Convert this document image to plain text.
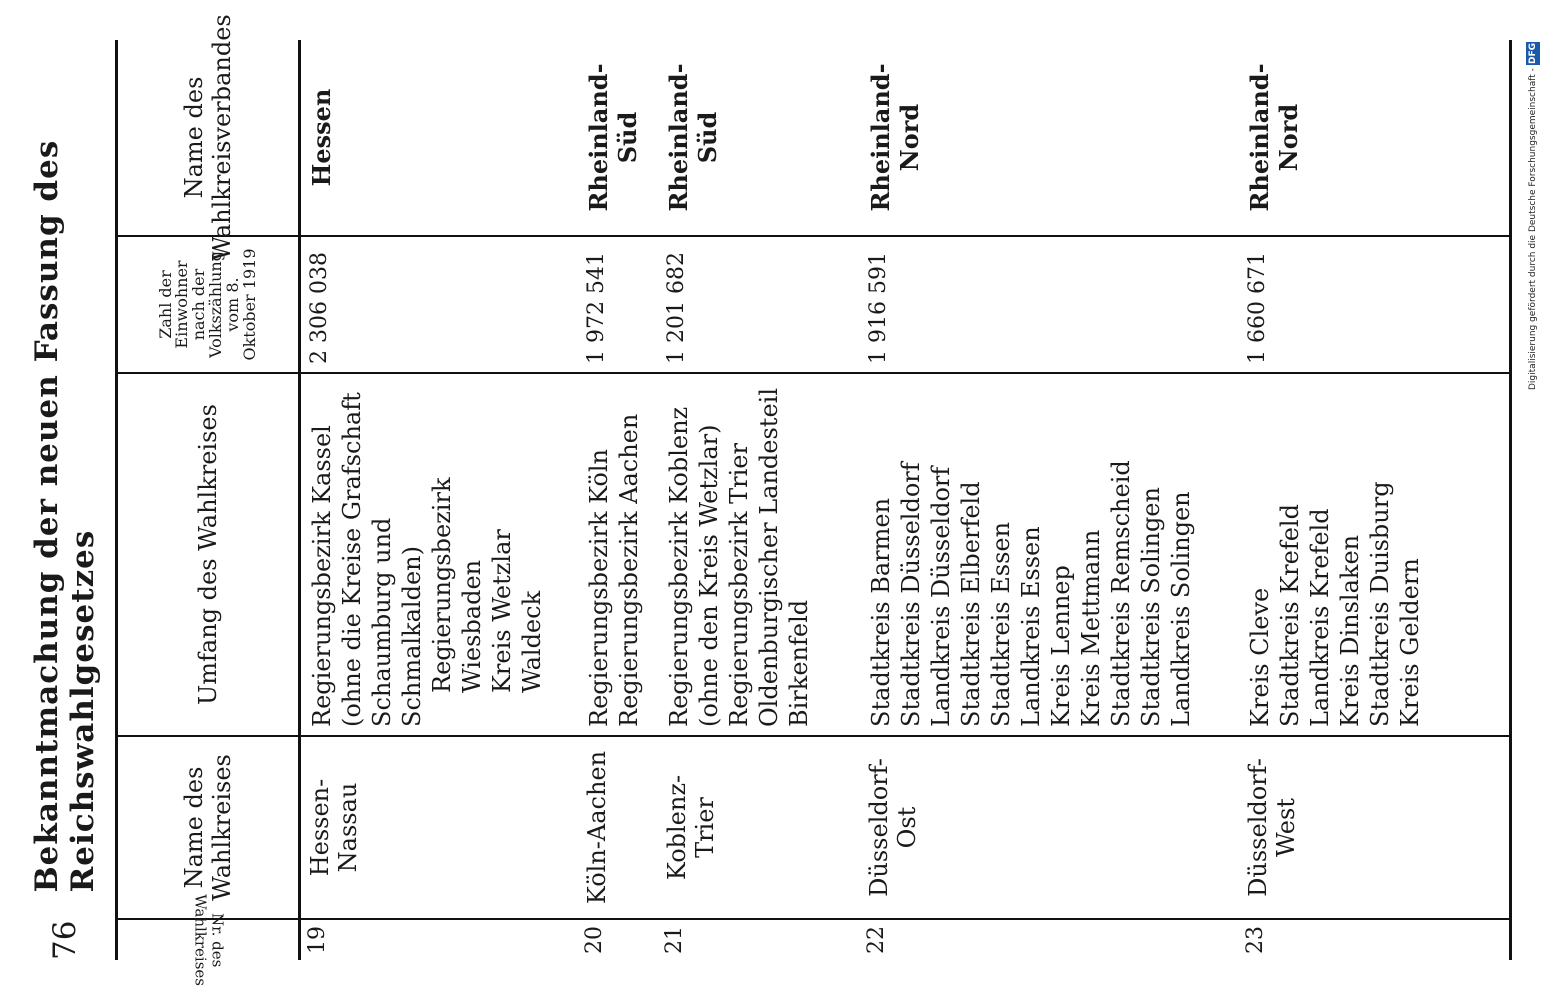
76
Bekanntmachung der neuen Fassung des Reichswahlgesetzes
Nr. des Wahlkreises
Name des Wahlkreises
Umfang des Wahlkreises
Zahl der Einwohner nach der Volkszählung vom 8. Oktober 1919
Name des Wahlkreisverbandes
19
Hessen-Nassau
Regierungsbezirk Kassel (ohne die Kreise Grafschaft Schaumburg und Schmalkalden) Regierungsbezirk Wiesbaden Kreis Wetzlar Waldeck
2 306 038
Hessen
20
Köln-Aachen
Regierungsbezirk Köln Regierungsbezirk Aachen
1 972 541
Rheinland-Süd
21
Koblenz-Trier
Regierungsbezirk Koblenz (ohne den Kreis Wetzlar) Regierungsbezirk Trier Oldenburgischer Landesteil Birkenfeld
1 201 682
Rheinland-Süd
22
Düsseldorf-Ost
Stadtkreis Barmen Stadtkreis Düsseldorf Landkreis Düsseldorf Stadtkreis Elberfeld Stadtkreis Essen Landkreis Essen Kreis Lennep Kreis Mettmann Stadtkreis Remscheid Stadtkreis Solingen Landkreis Solingen
1 916 591
Rheinland-Nord
23
Düsseldorf-West
Kreis Cleve Stadtkreis Krefeld Landkreis Krefeld Kreis Dinslaken Stadtkreis Duisburg Kreis Geldern
1 660 671
Rheinland-Nord	Digitalisierung gefördert durch die Deutsche Forschungsgemeinschaft - DFG
